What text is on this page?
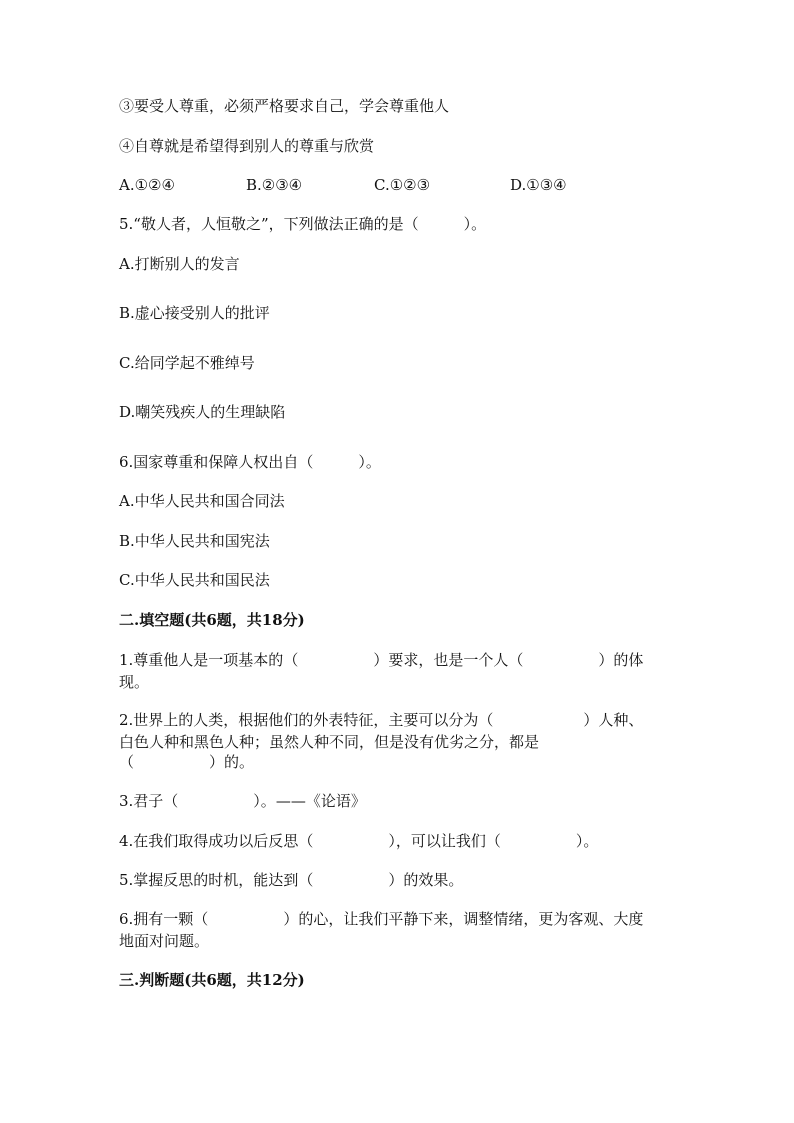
③要受人尊重，必须严格要求自己，学会尊重他人

④自尊就是希望得到别人的尊重与欣赏

A.①②④	B.②③④	C.①②③	D.①③④

5.“敬人者，人恒敬之”，下列做法正确的是（　　　）。

A.打断别人的发言

B.虚心接受别人的批评

C.给同学起不雅绰号

D.嘲笑残疾人的生理缺陷

6.国家尊重和保障人权出自（　　　）。

A.中华人民共和国合同法

B.中华人民共和国宪法

C.中华人民共和国民法

二.填空题(共6题，共18分)

1.尊重他人是一项基本的（　　　　　）要求，也是一个人（　　　　　）的体

现。

2.世界上的人类，根据他们的外表特征，主要可以分为（　　　　　　）人种、

白色人种和黑色人种；虽然人种不同，但是没有优劣之分，都是

（　　　　　）的。

3.君子（　　　　　）。——《论语》

4.在我们取得成功以后反思（　　　　　），可以让我们（　　　　　）。

5.掌握反思的时机，能达到（　　　　　）的效果。

6.拥有一颗（　　　　　）的心，让我们平静下来，调整情绪，更为客观、大度

地面对问题。

三.判断题(共6题，共12分)
